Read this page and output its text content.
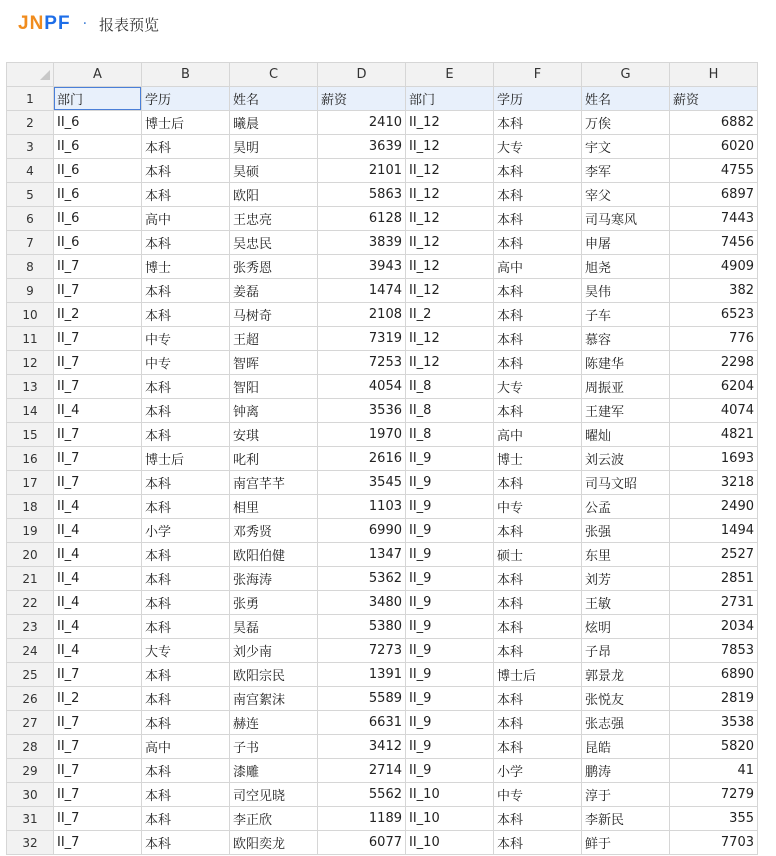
JNPF · 报表预览
	A	B	C	D	E	F	G	H
1	部门	学历	姓名	薪资	部门	学历	姓名	薪资
2	II_6	博士后	曦晨	2410	II_12	本科	万俟	6882
3	II_6	本科	昊明	3639	II_12	大专	宇文	6020
4	II_6	本科	昊硕	2101	II_12	本科	李军	4755
5	II_6	本科	欧阳	5863	II_12	本科	宰父	6897
6	II_6	高中	王忠亮	6128	II_12	本科	司马寒风	7443
7	II_6	本科	吴忠民	3839	II_12	本科	申屠	7456
8	II_7	博士	张秀恩	3943	II_12	高中	旭尧	4909
9	II_7	本科	姜磊	1474	II_12	本科	昊伟	382
10	II_2	本科	马树奇	2108	II_2	本科	子车	6523
11	II_7	中专	王超	7319	II_12	本科	慕容	776
12	II_7	中专	智晖	7253	II_12	本科	陈建华	2298
13	II_7	本科	智阳	4054	II_8	大专	周振亚	6204
14	II_4	本科	钟离	3536	II_8	本科	王建军	4074
15	II_7	本科	安琪	1970	II_8	高中	曜灿	4821
16	II_7	博士后	叱利	2616	II_9	博士	刘云波	1693
17	II_7	本科	南宫芊芊	3545	II_9	本科	司马文昭	3218
18	II_4	本科	相里	1103	II_9	中专	公孟	2490
19	II_4	小学	邓秀贤	6990	II_9	本科	张强	1494
20	II_4	本科	欧阳伯健	1347	II_9	硕士	东里	2527
21	II_4	本科	张海涛	5362	II_9	本科	刘芳	2851
22	II_4	本科	张勇	3480	II_9	本科	王敏	2731
23	II_4	本科	昊磊	5380	II_9	本科	炫明	2034
24	II_4	大专	刘少南	7273	II_9	本科	子昂	7853
25	II_7	本科	欧阳宗民	1391	II_9	博士后	郭景龙	6890
26	II_2	本科	南宫絮沫	5589	II_9	本科	张悦友	2819
27	II_7	本科	赫连	6631	II_9	本科	张志强	3538
28	II_7	高中	子书	3412	II_9	本科	昆皓	5820
29	II_7	本科	漆雕	2714	II_9	小学	鹏涛	41
30	II_7	本科	司空见晓	5562	II_10	中专	淳于	7279
31	II_7	本科	李正欣	1189	II_10	本科	李新民	355
32	II_7	本科	欧阳奕龙	6077	II_10	本科	鲜于	7703
